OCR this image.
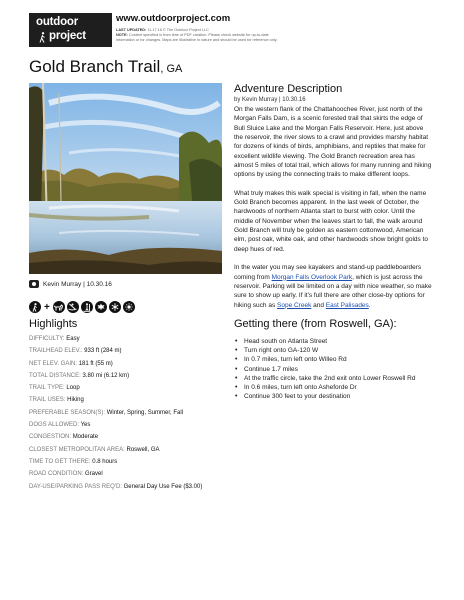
outdoor
project
www.outdoorproject.com
LAST UPDATED: 11.17.16 © The Outdoor Project LLC
NOTE: Content specified is from time of PDF creation. Please check website for up-to-date information or for changes. Maps are illustrative in nature and should be used for reference only.
Gold Branch Trail, GA
Kevin Murray | 10.30.16
+
Highlights
DIFFICULTY: Easy
TRAILHEAD ELEV.: 933 ft (284 m)
NET ELEV. GAIN: 181 ft (55 m)
TOTAL DISTANCE: 3.80 mi (6.12 km)
TRAIL TYPE: Loop
TRAIL USES: Hiking
PREFERABLE SEASON(S): Winter, Spring, Summer, Fall
DOGS ALLOWED: Yes
CONGESTION: Moderate
CLOSEST METROPOLITAN AREA: Roswell, GA
TIME TO GET THERE: 0.8 hours
ROAD CONDITION: Gravel
DAY-USE/PARKING PASS REQ'D: General Day Use Fee ($3.00)
Adventure Description
by Kevin Murray | 10.30.16

On the western flank of the Chattahoochee River, just north of the Morgan Falls Dam, is a scenic forested trail that skirts the edge of Bull Sluice Lake and the Morgan Falls Reservoir. Here, just above the reservoir, the river slows to a crawl and provides marshy habitat for dozens of kinds of birds, amphibians, and reptiles that make for excellent wildlife viewing. The Gold Branch recreation area has almost 5 miles of total trail, which allows for many running and hiking options by using the connecting trails to make different loops.

What truly makes this walk special is visiting in fall, when the name Gold Branch becomes apparent. In the last week of October, the hardwoods of northern Atlanta start to burst with color. Until the middle of November when the leaves start to fall, the walk around Gold Branch will truly be golden as eastern cottonwood, American elm, post oak, white oak, and other hardwoods show bright golds to deep hues of red.

In the water you may see kayakers and stand-up paddleboarders coming from Morgan Falls Overlook Park, which is just across the reservoir. Parking will be limited on a day with nice weather, so make sure to show up early. If it's full there are other close-by options for hiking such as Sope Creek and East Palisades.

Getting there (from Roswell, GA):
• Head south on Atlanta Street
• Turn right onto GA-120 W
• In 0.7 miles, turn left onto Willeo Rd
• Continue 1.7 miles
• At the traffic circle, take the 2nd exit onto Lower Roswell Rd
• In 0.6 miles, turn left onto Asheforde Dr
• Continue 300 feet to your destination
